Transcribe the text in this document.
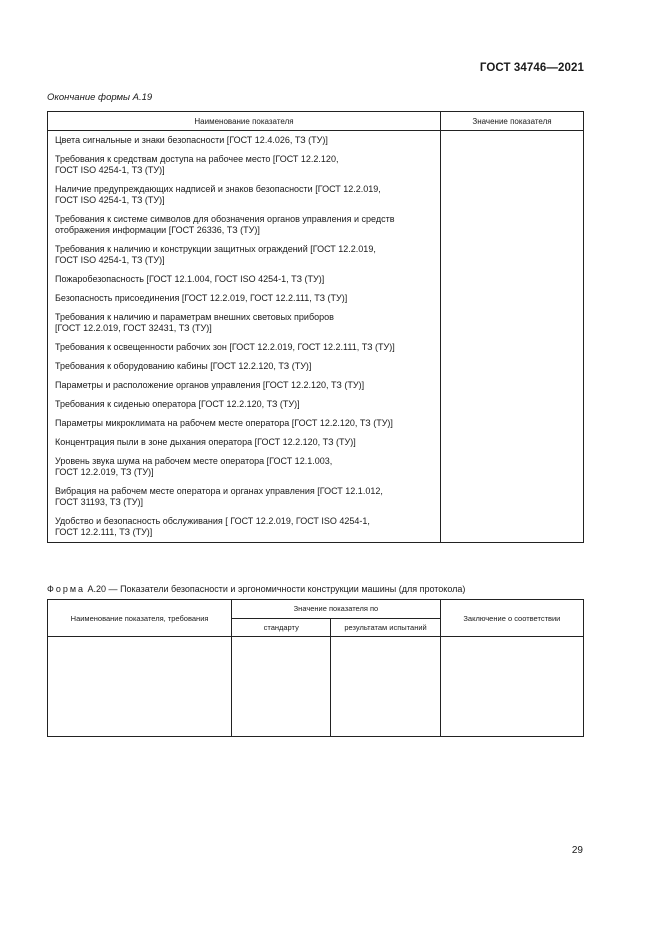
ГОСТ 34746—2021
Окончание формы А.19
Наименование показателя	Значение показателя

Цвета сигнальные и знаки безопасности [ГОСТ 12.4.026, ТЗ (ТУ)]	

Требования к средствам доступа на рабочее место [ГОСТ 12.2.120,
ГОСТ ISO 4254-1, ТЗ (ТУ)]	

Наличие предупреждающих надписей и знаков безопасности [ГОСТ 12.2.019,
ГОСТ ISO 4254-1, ТЗ (ТУ)]	

Требования к системе символов для обозначения органов управления и средств
отображения информации [ГОСТ 26336, ТЗ (ТУ)]	

Требования к наличию и конструкции защитных ограждений [ГОСТ 12.2.019,
ГОСТ ISO 4254-1, ТЗ (ТУ)]	

Пожаробезопасность [ГОСТ 12.1.004, ГОСТ ISO 4254-1, ТЗ (ТУ)]	

Безопасность присоединения [ГОСТ 12.2.019, ГОСТ 12.2.111, ТЗ (ТУ)]	

Требования к наличию и параметрам внешних световых приборов
[ГОСТ 12.2.019, ГОСТ 32431, ТЗ (ТУ)]	

Требования к освещенности рабочих зон [ГОСТ 12.2.019, ГОСТ 12.2.111, ТЗ (ТУ)]	

Требования к оборудованию кабины [ГОСТ 12.2.120, ТЗ (ТУ)]	

Параметры и расположение органов управления [ГОСТ 12.2.120, ТЗ (ТУ)]	

Требования к сиденью оператора [ГОСТ 12.2.120, ТЗ (ТУ)]	

Параметры микроклимата на рабочем месте оператора [ГОСТ 12.2.120, ТЗ (ТУ)]	

Концентрация пыли в зоне дыхания оператора [ГОСТ 12.2.120, ТЗ (ТУ)]	

Уровень звука шума на рабочем месте оператора [ГОСТ 12.1.003,
ГОСТ 12.2.019, ТЗ (ТУ)]	

Вибрация на рабочем месте оператора и органах управления [ГОСТ 12.1.012,
ГОСТ 31193, ТЗ (ТУ)]	

Удобство и безопасность обслуживания [ ГОСТ 12.2.019, ГОСТ ISO 4254-1,
ГОСТ 12.2.111, ТЗ (ТУ)]	

Форма А.20 — Показатели безопасности и эргономичности конструкции машины (для протокола)
Наименование показателя, требования	Значение показателя по		Заключение о соответствии
	стандарту	результатам испытаний	

29
